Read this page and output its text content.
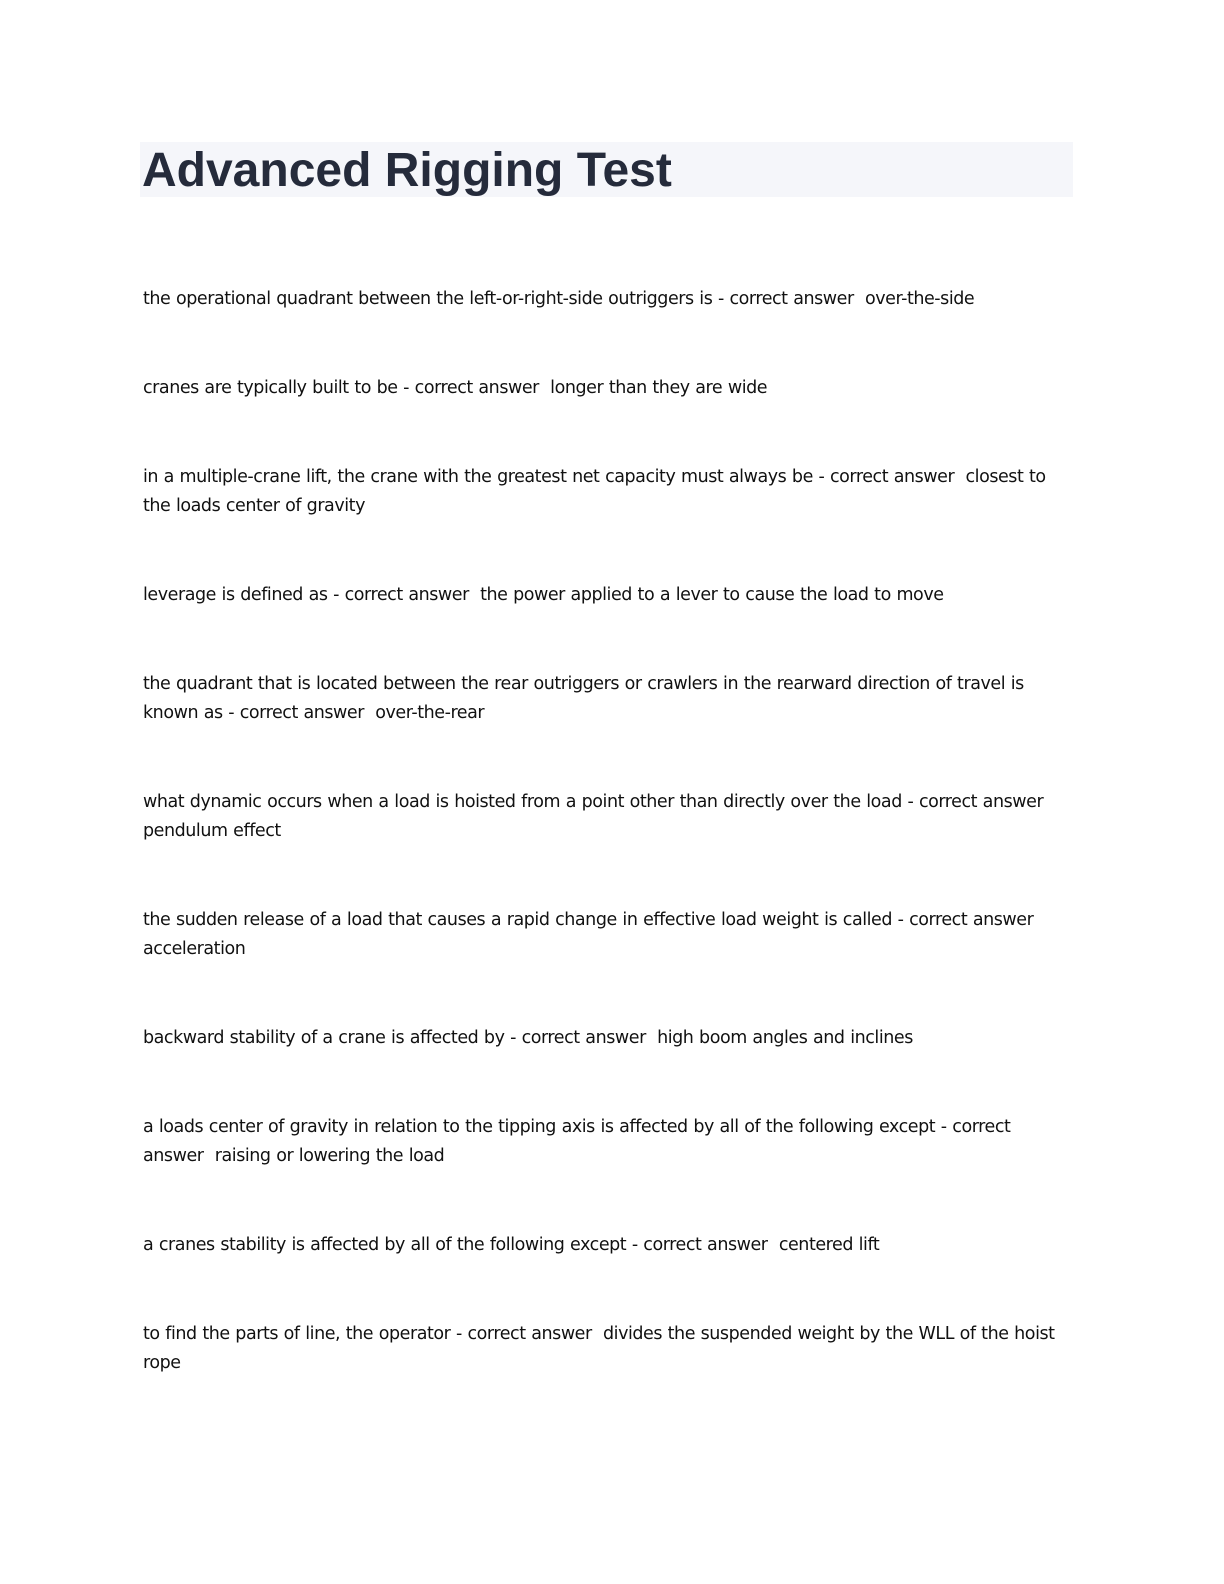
Advanced Rigging Test
the operational quadrant between the left-or-right-side outriggers is - correct answer over-the-side
cranes are typically built to be - correct answer longer than they are wide
in a multiple-crane lift, the crane with the greatest net capacity must always be - correct answer closest to the loads center of gravity
leverage is defined as - correct answer the power applied to a lever to cause the load to move
the quadrant that is located between the rear outriggers or crawlers in the rearward direction of travel is known as - correct answer over-the-rear
what dynamic occurs when a load is hoisted from a point other than directly over the load - correct answer pendulum effect
the sudden release of a load that causes a rapid change in effective load weight is called - correct answer acceleration
backward stability of a crane is affected by - correct answer high boom angles and inclines
a loads center of gravity in relation to the tipping axis is affected by all of the following except - correct answer raising or lowering the load
a cranes stability is affected by all of the following except - correct answer centered lift
to find the parts of line, the operator - correct answer divides the suspended weight by the WLL of the hoist rope
